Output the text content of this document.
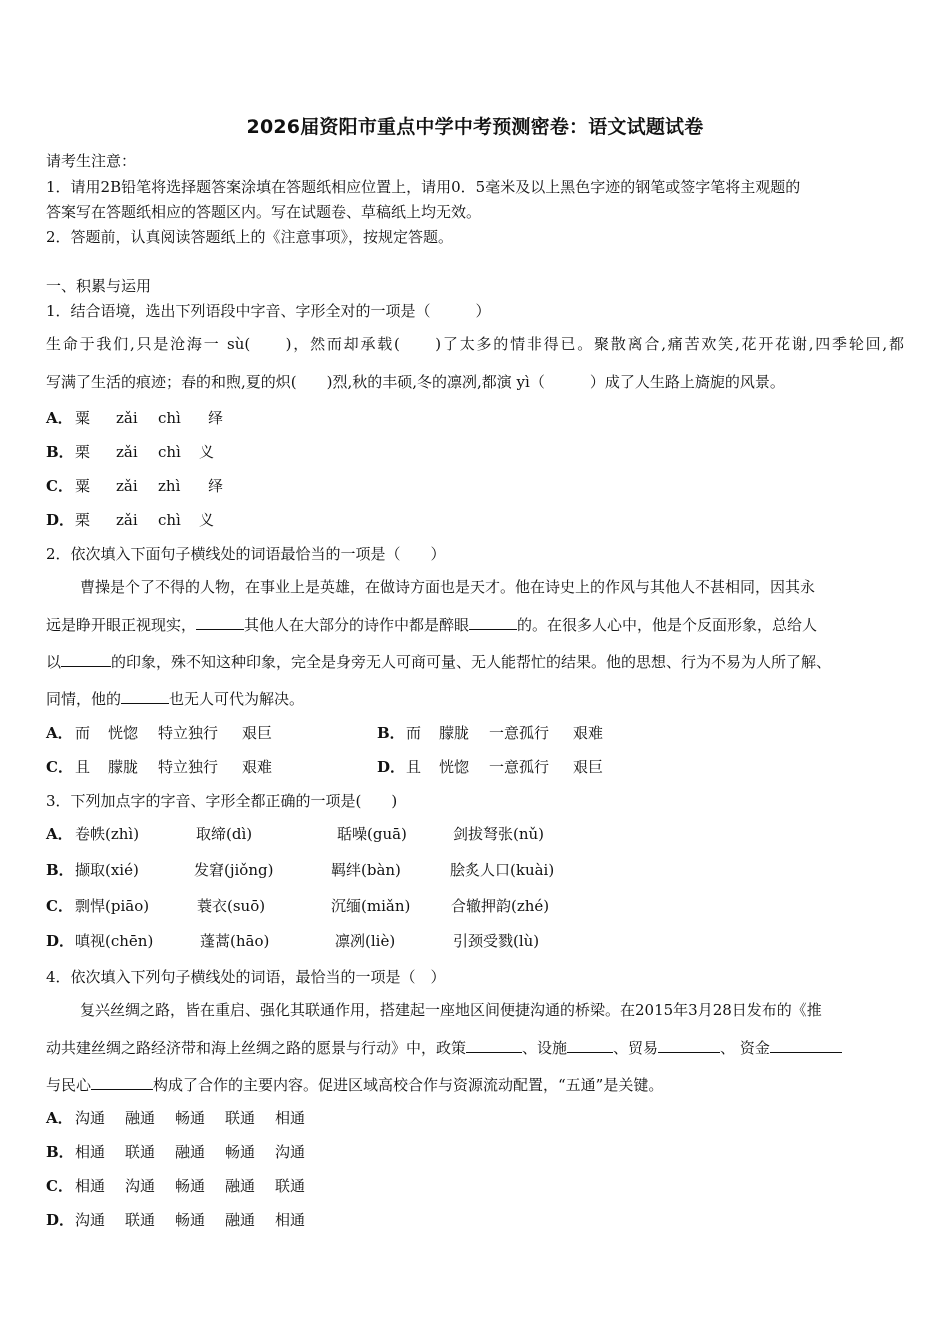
2026届资阳市重点中学中考预测密卷：语文试题试卷
请考生注意：
1．请用2B铅笔将选择题答案涂填在答题纸相应位置上，请用0．5毫米及以上黑色字迹的钢笔或签字笔将主观题的
答案写在答题纸相应的答题区内。写在试题卷、草稿纸上均无效。
2．答题前，认真阅读答题纸上的《注意事项》，按规定答题。
一、积累与运用
1．结合语境，选出下列语段中字音、字形全对的一项是（　　　）
生命于我们,只是沧海一 sù(　　)，然而却承载(　　)了太多的情非得已。聚散离合,痛苦欢笑,花开花谢,四季轮回,都
写满了生活的痕迹；春的和煦,夏的炽(　　)烈,秋的丰硕,冬的凛冽,都演 yì（　　　）成了人生路上旖旎的风景。
A． 粟 zǎi chì 绎
B． 栗 zǎi chì 义
C． 粟 zǎi zhì 绎
D． 栗 zǎi chì 义
2．依次填入下面句子横线处的词语最恰当的一项是（　　）
曹操是个了不得的人物，在事业上是英雄，在做诗方面也是天才。他在诗史上的作风与其他人不甚相同，因其永
远是睁开眼正视现实，	其他人在大部分的诗作中都是醉眼	的。在很多人心中，他是个反面形象，总给人
以	的印象，殊不知这种印象，完全是身旁无人可商可量、无人能帮忙的结果。他的思想、行为不易为人所了解、
同情，他的	也无人可代为解决。
A． 而 恍惚 特立独行 艰巨	B． 而 朦胧 一意孤行 艰难
C． 且 朦胧 特立独行 艰难	D． 且 恍惚 一意孤行 艰巨
3．下列加点字的字音、字形全都正确的一项是(　　)
A． 卷帙(zhì)	取缔(dì)	聒噪(guā)	剑拔弩张(nǔ)
B． 撷取(xié)	发窘(jiǒng)	羁绊(bàn)	脍炙人口(kuài)
C． 剽悍(piāo)	蓑衣(suō)	沉缅(miǎn)	合辙押韵(zhé)
D． 嗔视(chēn)	蓬蒿(hāo)	凛冽(liè)	引颈受戮(lù)
4．依次填入下列句子横线处的词语，最恰当的一项是（　）
复兴丝绸之路，皆在重启、强化其联通作用，搭建起一座地区间便捷沟通的桥梁。在2015年3月28日发布的《推
动共建丝绸之路经济带和海上丝绸之路的愿景与行动》中，政策	、设施	、贸易	、 资金
与民心	构成了合作的主要内容。促进区域高校合作与资源流动配置，“五通”是关键。
A． 沟通 融通 畅通 联通 相通
B． 相通 联通 融通 畅通 沟通
C． 相通 沟通 畅通 融通 联通
D． 沟通 联通 畅通 融通 相通
